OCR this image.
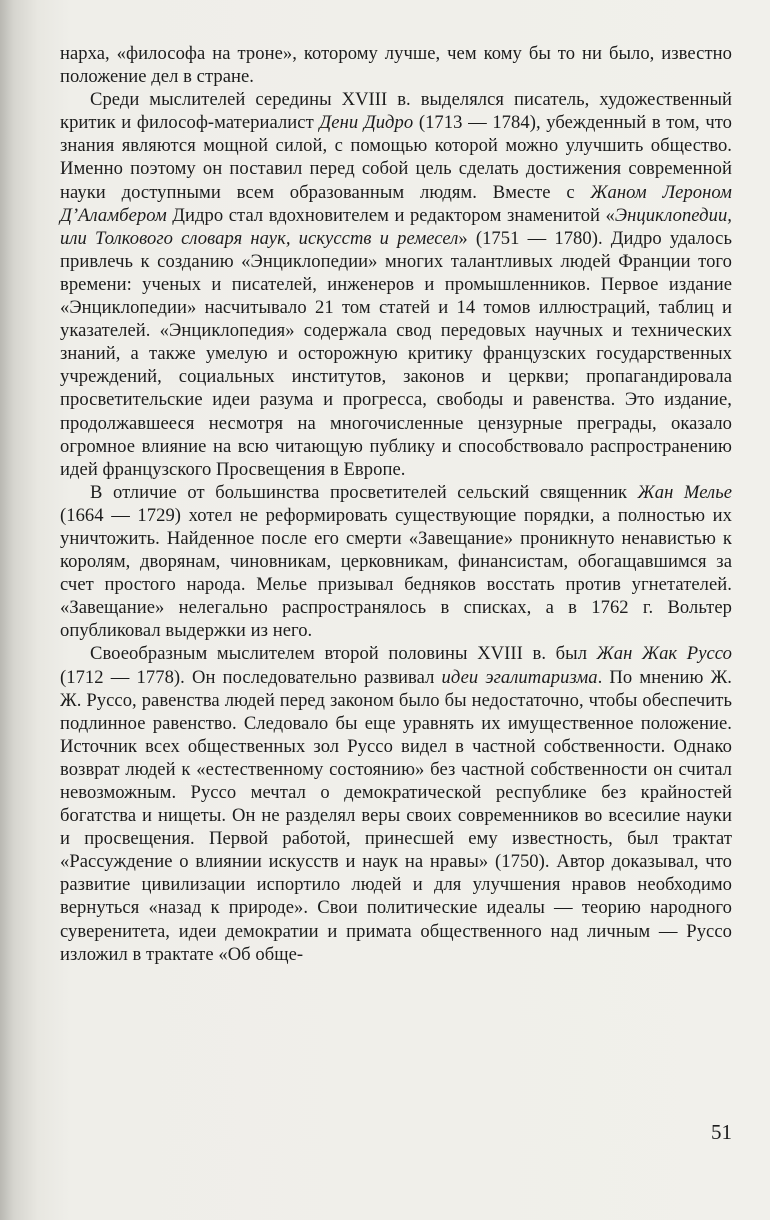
нарха, «философа на троне», которому лучше, чем кому бы то ни было, известно положение дел в стране.

Среди мыслителей середины XVIII в. выделялся писатель, художественный критик и философ-материалист Дени Дидро (1713 — 1784), убежденный в том, что знания являются мощной силой, с помощью которой можно улучшить общество. Именно поэтому он поставил перед собой цель сделать достижения современной науки доступными всем образованным людям. Вместе с Жаном Лероном Д’Аламбером Дидро стал вдохновителем и редактором знаменитой «Энциклопедии, или Толкового словаря наук, искусств и ремесел» (1751 — 1780). Дидро удалось привлечь к созданию «Энциклопедии» многих талантливых людей Франции того времени: ученых и писателей, инженеров и промышленников. Первое издание «Энциклопедии» насчитывало 21 том статей и 14 томов иллюстраций, таблиц и указателей. «Энциклопедия» содержала свод передовых научных и технических знаний, а также умелую и осторожную критику французских государственных учреждений, социальных институтов, законов и церкви; пропагандировала просветительские идеи разума и прогресса, свободы и равенства. Это издание, продолжавшееся несмотря на многочисленные цензурные преграды, оказало огромное влияние на всю читающую публику и способствовало распространению идей французского Просвещения в Европе.

В отличие от большинства просветителей сельский священник Жан Мелье (1664 — 1729) хотел не реформировать существующие порядки, а полностью их уничтожить. Найденное после его смерти «Завещание» проникнуто ненавистью к королям, дворянам, чиновникам, церковникам, финансистам, обогащавшимся за счет простого народа. Мелье призывал бедняков восстать против угнетателей. «Завещание» нелегально распространялось в списках, а в 1762 г. Вольтер опубликовал выдержки из него.

Своеобразным мыслителем второй половины XVIII в. был Жан Жак Руссо (1712 — 1778). Он последовательно развивал идеи эгалитаризма. По мнению Ж. Ж. Руссо, равенства людей перед законом было бы недостаточно, чтобы обеспечить подлинное равенство. Следовало бы еще уравнять их имущественное положение. Источник всех общественных зол Руссо видел в частной собственности. Однако возврат людей к «естественному состоянию» без частной собственности он считал невозможным. Руссо мечтал о демократической республике без крайностей богатства и нищеты. Он не разделял веры своих современников во всесилие науки и просвещения. Первой работой, принесшей ему известность, был трактат «Рассуждение о влиянии искусств и наук на нравы» (1750). Автор доказывал, что развитие цивилизации испортило людей и для улучшения нравов необходимо вернуться «назад к природе». Свои политические идеалы — теорию народного суверенитета, идеи демократии и примата общественного над личным — Руссо изложил в трактате «Об обще-

51
